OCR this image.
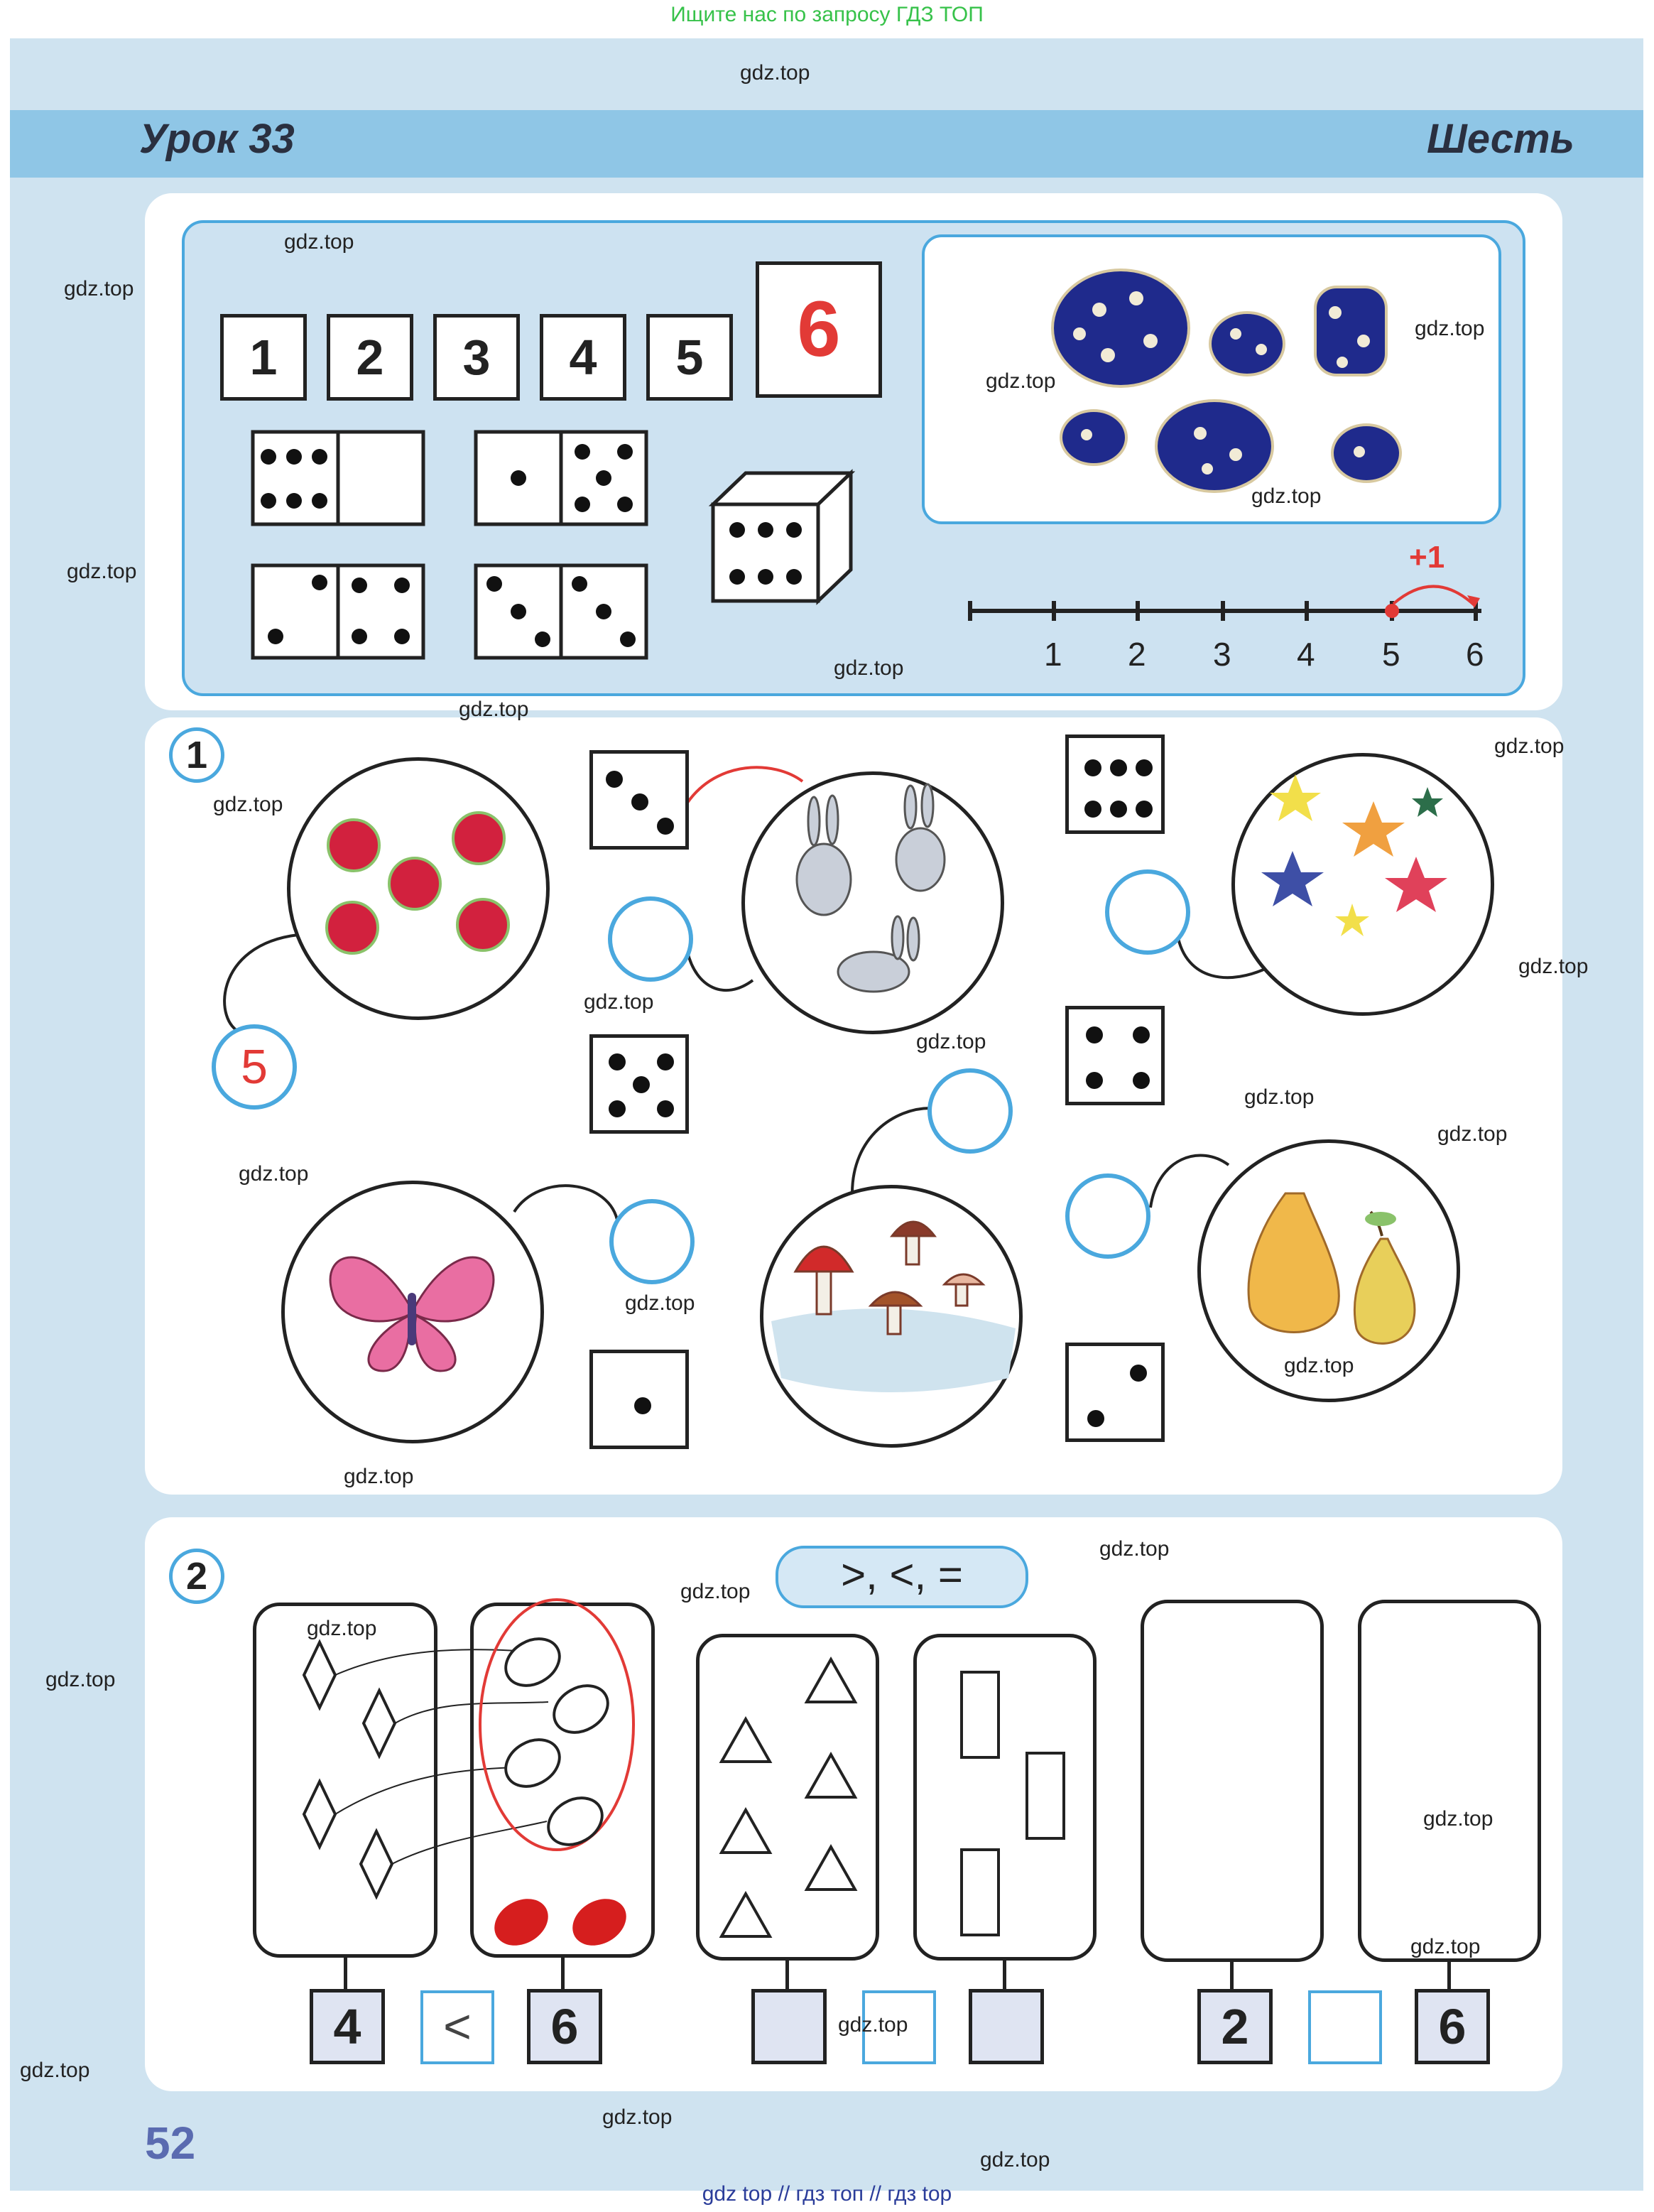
Ищите нас по запросу ГДЗ ТОП
Урок 33	Шесть
1	2	3	4	5	6
1 2 3 4 5 6
+1
1
5
2	>, <, =
4	<	6	2	6
52
gdz.top
gdz.top
gdz.top
gdz.top
gdz.top
gdz.top
gdz.top
gdz.top
gdz.top
gdz.top
gdz.top
gdz.top
gdz.top
gdz.top
gdz.top
gdz.top
gdz.top
gdz.top
gdz.top
gdz.top
gdz.top
gdz.top
gdz.top
gdz.top
gdz.top
gdz.top
gdz.top
gdz.top
gdz.top
gdz.top
gdz top // гдз топ // гдз top
